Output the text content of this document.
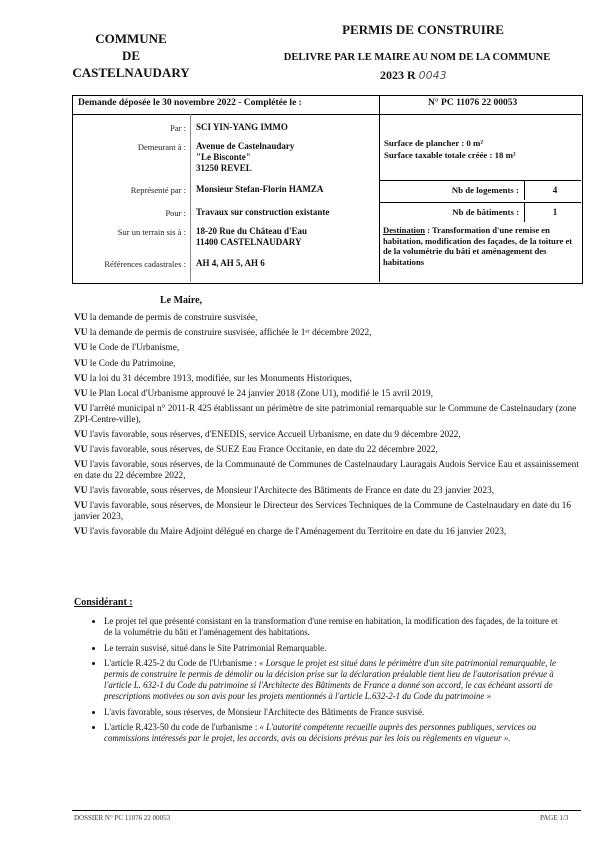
COMMUNE
DE
CASTELNAUDARY
PERMIS DE CONSTRUIRE
DELIVRE PAR LE MAIRE AU NOM DE LA COMMUNE
2023 R 0043
Demande déposée le 30 novembre 2022 - Complétée le :	N° PC 11076 22 00053
Par : SCI YIN-YANG IMMO
Demeurant à : Avenue de Castelnaudary
"Le Bisconte"
31250 REVEL
Représenté par : Monsieur Stefan-Florin HAMZA
Pour : Travaux sur construction existante
Sur un terrain sis à : 18-20 Rue du Château d'Eau
11400 CASTELNAUDARY
Références cadastrales : AH 4, AH 5, AH 6
Surface de plancher : 0 m²
Surface taxable totale créée : 18 m²
Nb de logements :	4
Nb de bâtiments :	1
Destination : Transformation d'une remise en habitation, modification des façades, de la toiture et de la volumétrie du bâti et aménagement des habitations
Le Maire,
VU la demande de permis de construire susvisée,
VU la demande de permis de construire susvisée, affichée le 1ᵉʳ décembre 2022,
VU le Code de l'Urbanisme,
VU le Code du Patrimoine,
VU la loi du 31 décembre 1913, modifiée, sur les Monuments Historiques,
VU le Plan Local d'Urbanisme approuvé le 24 janvier 2018 (Zone U1), modifié le 15 avril 2019,
VU l'arrêté municipal n° 2011-R 425 établissant un périmètre de site patrimonial remarquable sur le Commune de Castelnaudary (zone ZPI-Centre-ville),
VU l'avis favorable, sous réserves, d'ENEDIS, service Accueil Urbanisme, en date du 9 décembre 2022,
VU l'avis favorable, sous réserves, de SUEZ Eau France Occitanie, en date du 22 décembre 2022,
VU l'avis favorable, sous réserves, de la Communauté de Communes de Castelnaudary Lauragais Audois Service Eau et assainissement en date du 22 décembre 2022,
VU l'avis favorable, sous réserves, de Monsieur l'Architecte des Bâtiments de France en date du 23 janvier 2023,
VU l'avis favorable, sous réserves, de Monsieur le Directeur des Services Techniques de la Commune de Castelnaudary en date du 16 janvier 2023,
VU l'avis favorable du Maire Adjoint délégué en charge de l'Aménagement du Territoire en date du 16 janvier 2023,
Considérant :
• Le projet tel que présenté consistant en la transformation d'une remise en habitation, la modification des façades, de la toiture et de la volumétrie du bâti et l'aménagement des habitations.
• Le terrain susvisé, situé dans le Site Patrimonial Remarquable.
• L'article R.425-2 du Code de l'Urbanisme : « Lorsque le projet est situé dans le périmètre d'un site patrimonial remarquable, le permis de construire le permis de démolir ou la décision prise sur la déclaration préalable tient lieu de l'autorisation prévue à l'article L. 632-1 du Code du patrimoine si l'Architecte des Bâtiments de France a donné son accord, le cas échéant assorti de prescriptions motivées ou son avis pour les projets mentionnés à l'article L.632-2-1 du Code du patrimoine »
• L'avis favorable, sous réserves, de Monsieur l'Architecte des Bâtiments de France susvisé.
• L'article R.423-50 du code de l'urbanisme : « L'autorité compétente recueille auprès des personnes publiques, services ou commissions intéressés par le projet, les accords, avis ou décisions prévus par les lois ou règlements en vigueur ».
DOSSIER N° PC 11076 22 00053	PAGE 1/3
